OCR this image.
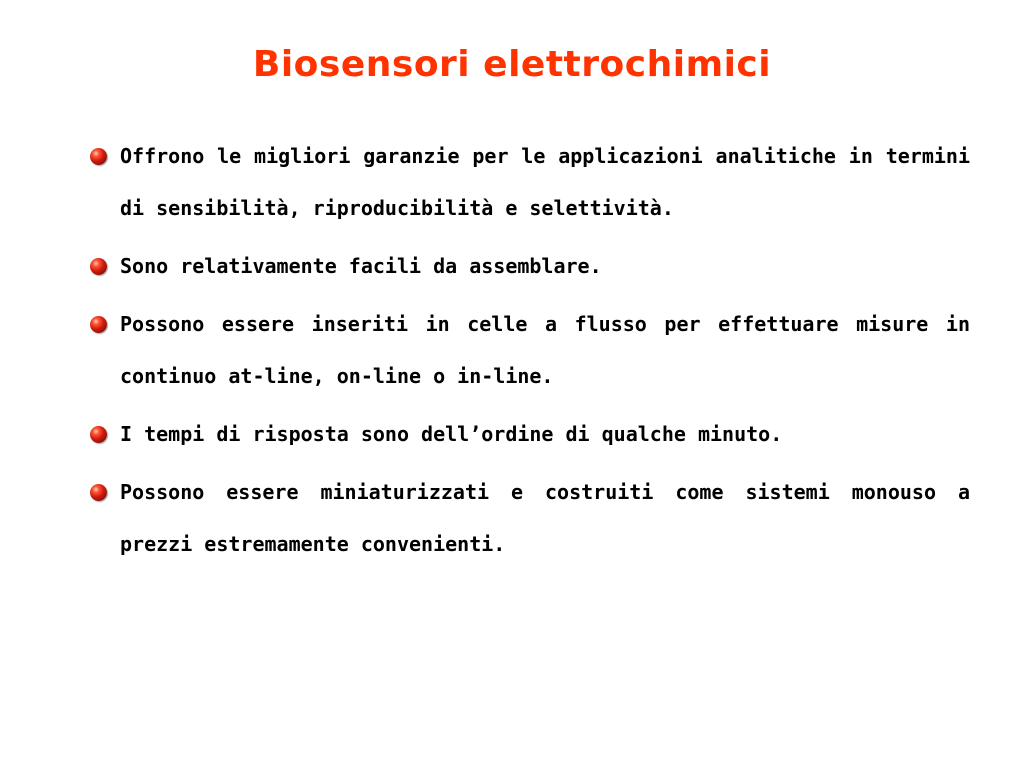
Biosensori elettrochimici
Offrono le migliori garanzie per le applicazioni analitiche in termini di sensibilità, riproducibilità e selettività.
Sono relativamente facili da assemblare.
Possono essere inseriti in celle a flusso per effettuare misure in continuo at-line, on-line o in-line.
I tempi di risposta sono dell’ordine di qualche minuto.
Possono essere miniaturizzati e costruiti come sistemi monouso a prezzi estremamente convenienti.
